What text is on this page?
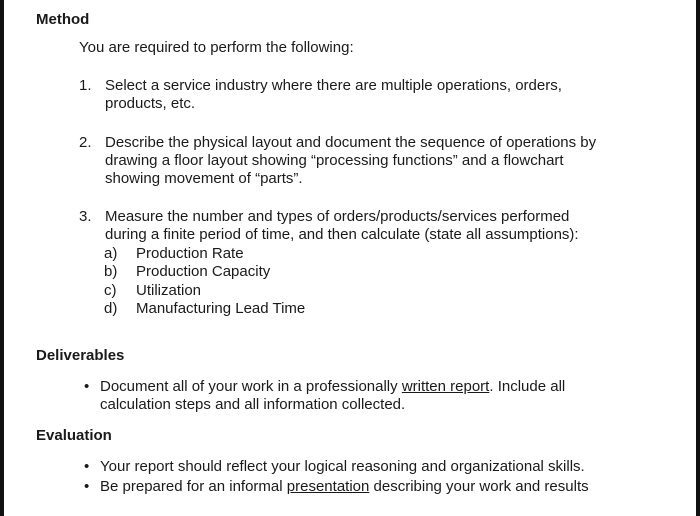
Method
You are required to perform the following:
1. Select a service industry where there are multiple operations, orders,
products, etc.
2. Describe the physical layout and document the sequence of operations by
drawing a floor layout showing “processing functions” and a flowchart
showing movement of “parts”.
3. Measure the number and types of orders/products/services performed
during a finite period of time, and then calculate (state all assumptions):
a) Production Rate
b) Production Capacity
c) Utilization
d) Manufacturing Lead Time
Deliverables
• Document all of your work in a professionally written report. Include all
calculation steps and all information collected.
Evaluation
• Your report should reflect your logical reasoning and organizational skills.
• Be prepared for an informal presentation describing your work and results
